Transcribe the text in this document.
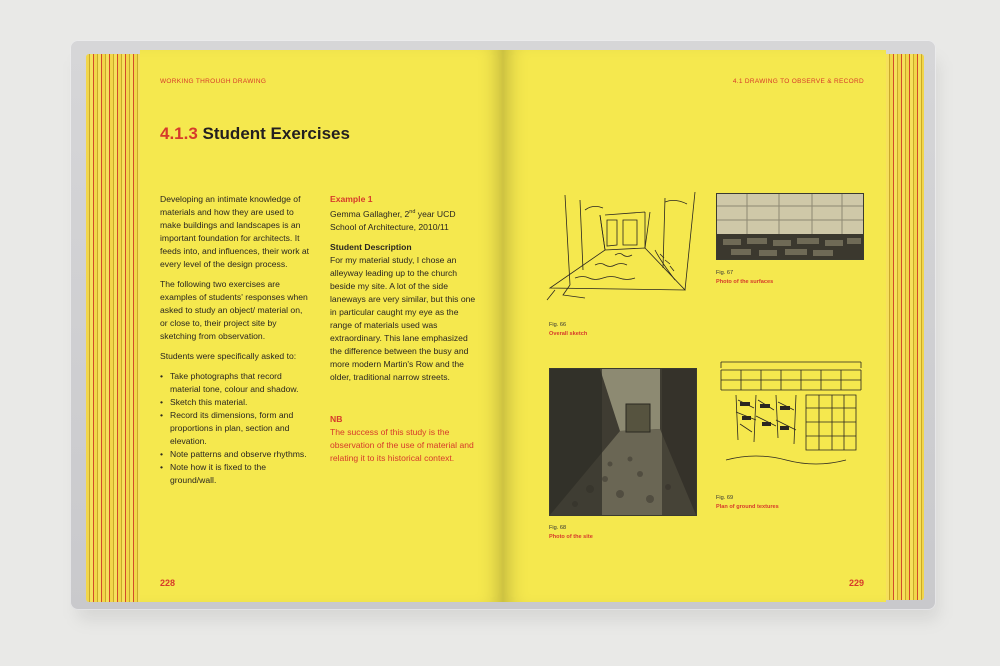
WORKING THROUGH DRAWING
4.1.3 Student Exercises

Developing an intimate knowledge of materials and how they are used to make buildings and landscapes is an important foundation for architects. It feeds into, and influences, their work at every level of the design process.

The following two exercises are examples of students' responses when asked to study an object/ material on, or close to, their project site by sketching from observation.

Students were specifically asked to:

• Take photographs that record material tone, colour and shadow.
• Sketch this material.
• Record its dimensions, form and proportions in plan, section and elevation.
• Note patterns and observe rhythms.
• Note how it is fixed to the ground/wall.
Example 1

Gemma Gallagher, 2nd year UCD School of Architecture, 2010/11

Student Description

For my material study, I chose an alleyway leading up to the church beside my site. A lot of the side laneways are very similar, but this one in particular caught my eye as the range of materials used was extraordinary. This lane emphasized the difference between the busy and more modern Martin's Row and the older, traditional narrow streets.

NB

The success of this study is the observation of the use of material and relating it to its historical context.

228
4.1 DRAWING TO OBSERVE & RECORD
Fig. 66
Overall sketch
Fig. 67
Photo of the surfaces
Fig. 68
Photo of the site
Fig. 69
Plan of ground textures
229
